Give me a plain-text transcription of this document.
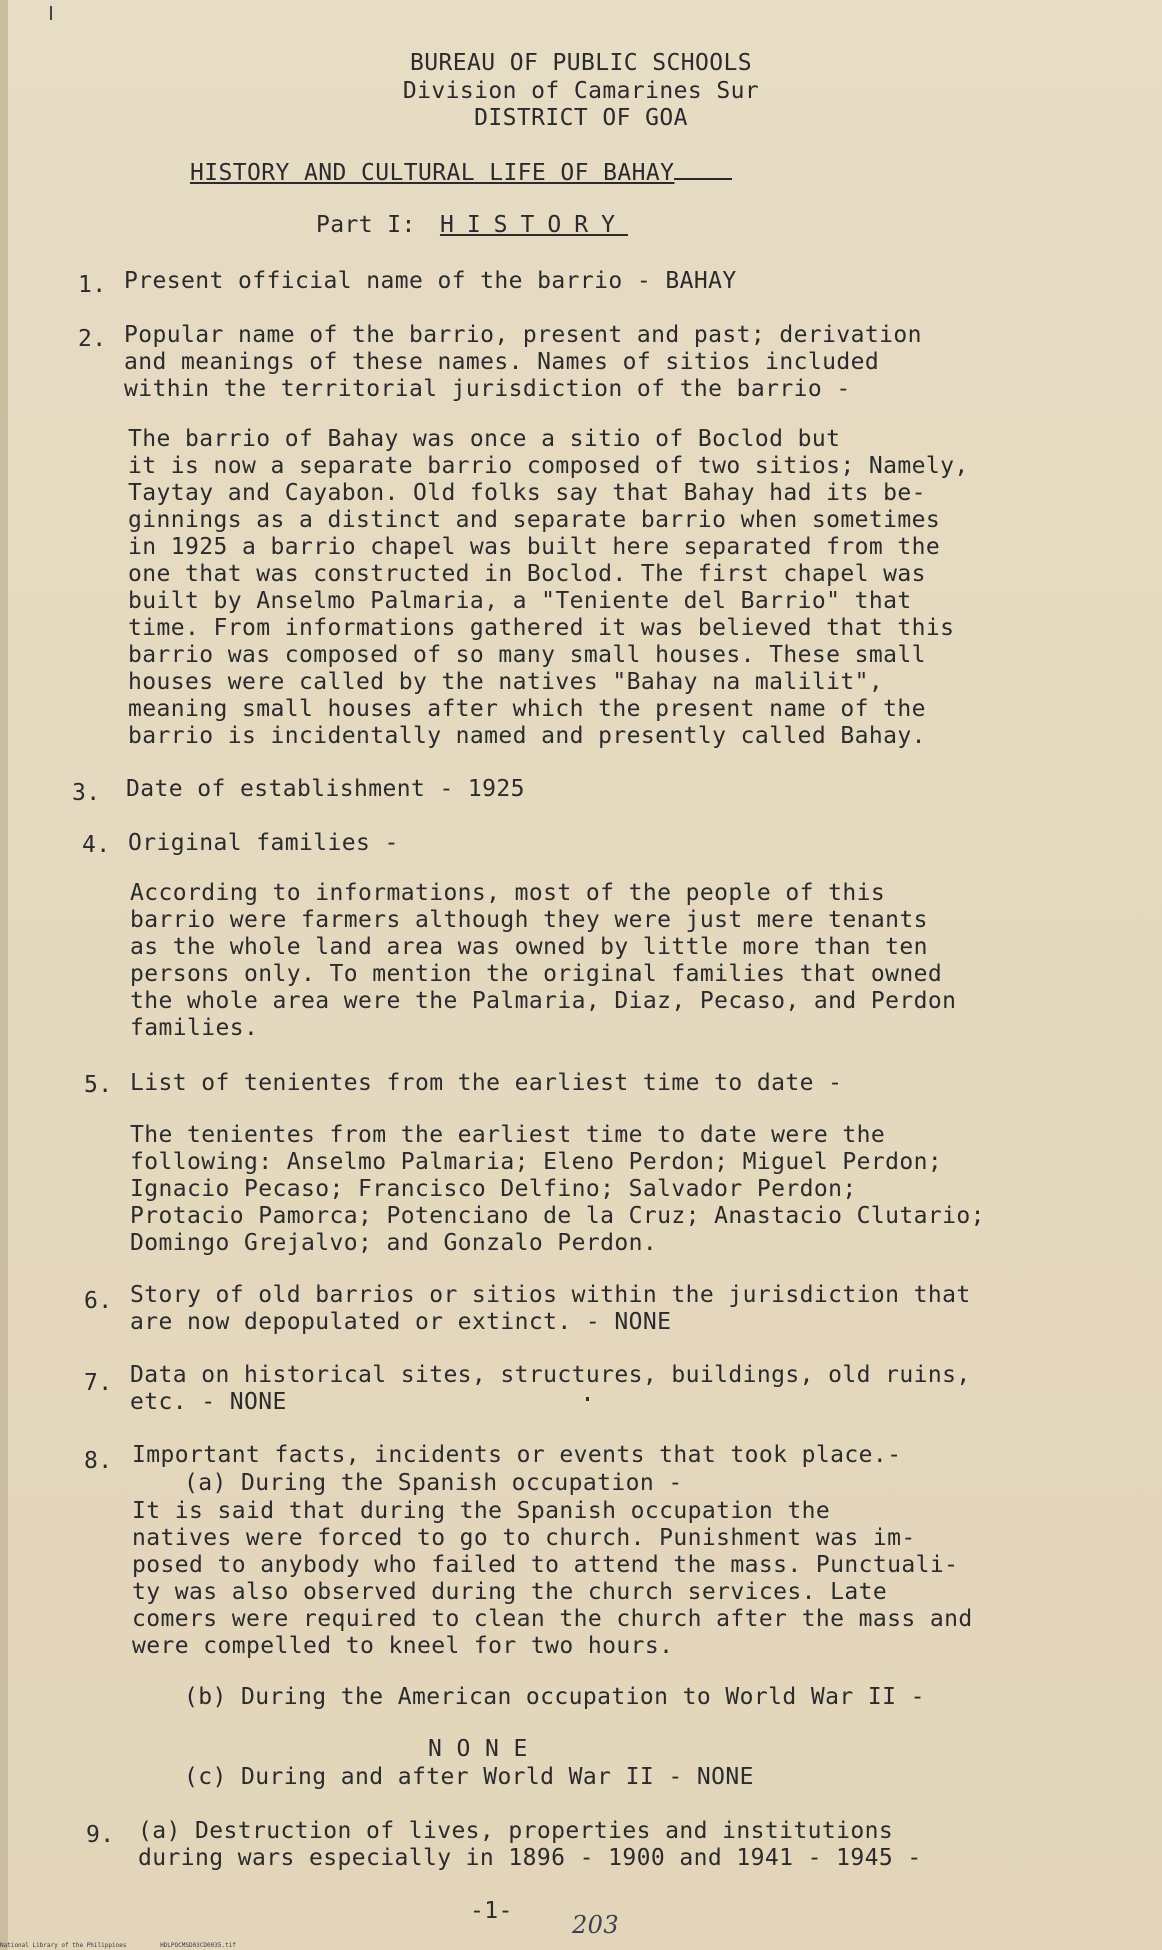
BUREAU OF PUBLIC SCHOOLS
Division of Camarines Sur
DISTRICT OF GOA
HISTORY AND CULTURAL LIFE OF BAHAY
Part I: HISTORY
1. Present official name of the barrio - BAHAY
2. Popular name of the barrio, present and past; derivation
and meanings of these names. Names of sitios included
within the territorial jurisdiction of the barrio -
The barrio of Bahay was once a sitio of Boclod but
it is now a separate barrio composed of two sitios; Namely,
Taytay and Cayabon. Old folks say that Bahay had its be-
ginnings as a distinct and separate barrio when sometimes
in 1925 a barrio chapel was built here separated from the
one that was constructed in Boclod. The first chapel was
built by Anselmo Palmaria, a "Teniente del Barrio" that
time. From informations gathered it was believed that this
barrio was composed of so many small houses. These small
houses were called by the natives "Bahay na malilit",
meaning small houses after which the present name of the
barrio is incidentally named and presently called Bahay.
3. Date of establishment - 1925
4. Original families -
According to informations, most of the people of this
barrio were farmers although they were just mere tenants
as the whole land area was owned by little more than ten
persons only. To mention the original families that owned
the whole area were the Palmaria, Diaz, Pecaso, and Perdon
families.
5. List of tenientes from the earliest time to date -
The tenientes from the earliest time to date were the
following: Anselmo Palmaria; Eleno Perdon; Miguel Perdon;
Ignacio Pecaso; Francisco Delfino; Salvador Perdon;
Protacio Pamorca; Potenciano de la Cruz; Anastacio Clutario;
Domingo Grejalvo; and Gonzalo Perdon.
6. Story of old barrios or sitios within the jurisdiction that
are now depopulated or extinct. - NONE
7. Data on historical sites, structures, buildings, old ruins,
etc. - NONE
8. Important facts, incidents or events that took place.-
(a) During the Spanish occupation -
It is said that during the Spanish occupation the
natives were forced to go to church. Punishment was im-
posed to anybody who failed to attend the mass. Punctuali-
ty was also observed during the church services. Late
comers were required to clean the church after the mass and
were compelled to kneel for two hours.
(b) During the American occupation to World War II -
N O N E
(c) During and after World War II - NONE
9. (a) Destruction of lives, properties and institutions
during wars especially in 1896 - 1900 and 1941 - 1945 -
-1- 203
National Library of the Philippines	HDLPOCMSD03CD0035.tif
